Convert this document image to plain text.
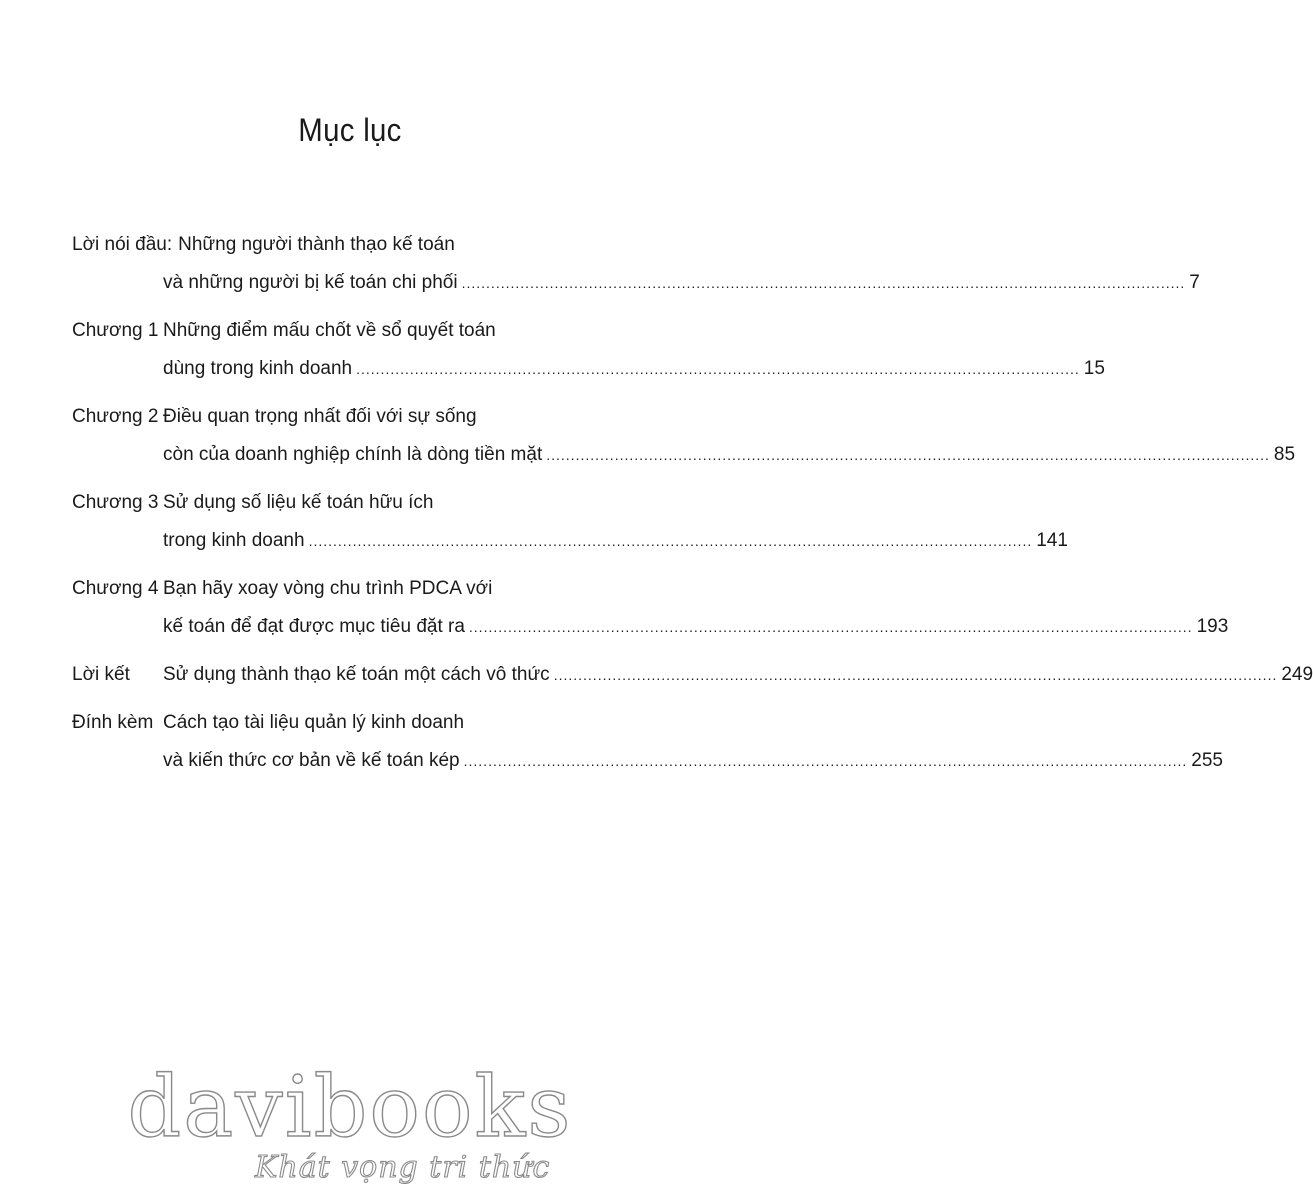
Mục lục
Lời nói đầu: Những người thành thạo kế toán
và những người bị kế toán chi phối .....	7
Chương 1 Những điểm mấu chốt về sổ quyết toán
dùng trong kinh doanh .....	15
Chương 2 Điều quan trọng nhất đối với sự sống
còn của doanh nghiệp chính là dòng tiền mặt .....	85
Chương 3 Sử dụng số liệu kế toán hữu ích
trong kinh doanh .....	141
Chương 4 Bạn hãy xoay vòng chu trình PDCA với
kế toán để đạt được mục tiêu đặt ra .....	193
Lời kết	Sử dụng thành thạo kế toán một cách vô thức .....	249
Đính kèm Cách tạo tài liệu quản lý kinh doanh
và kiến thức cơ bản về kế toán kép .....	255
davibooks
Khát vọng tri thức
